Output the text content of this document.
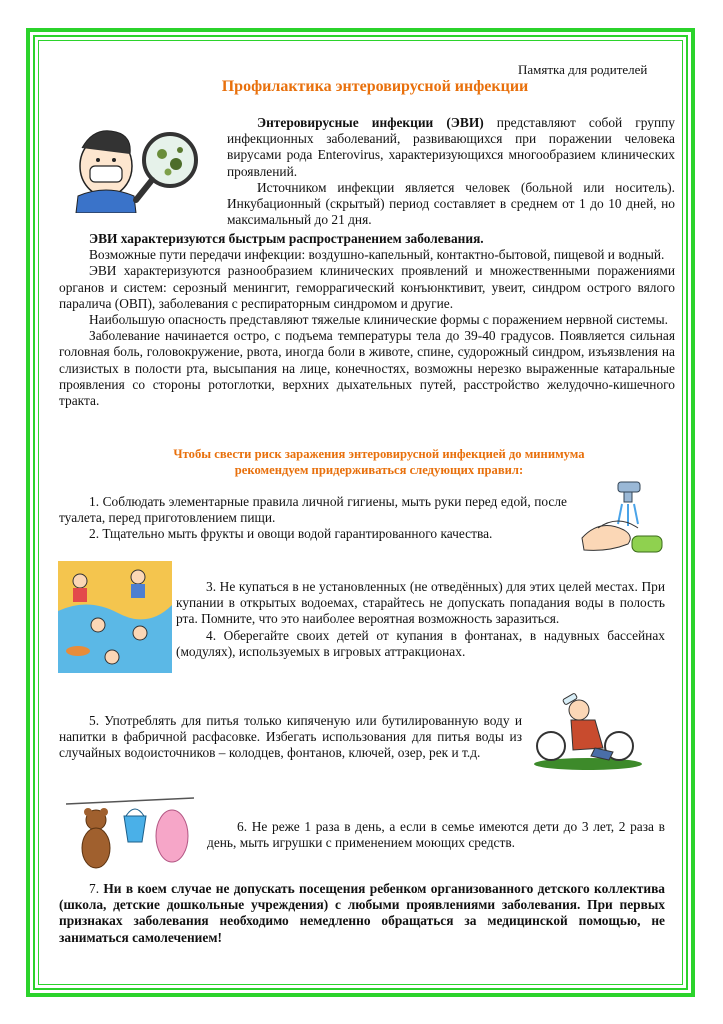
Памятка для родителей
Профилактика энтеровирусной инфекции

Энтеровирусные инфекции (ЭВИ) представляют собой группу инфекционных заболеваний, развивающихся при поражении человека вирусами рода Enterovirus, характеризующихся многообразием клинических проявлений.

Источником инфекции является человек (больной или носитель). Инкубационный (скрытый) период составляет в среднем от 1 до 10 дней, но максимальный до 21 дня.

ЭВИ характеризуются быстрым распространением заболевания.

Возможные пути передачи инфекции: воздушно-капельный, контактно-бытовой, пищевой и водный.

ЭВИ характеризуются разнообразием клинических проявлений и множественными поражениями органов и систем: серозный менингит, геморрагический конъюнктивит, увеит, синдром острого вялого паралича (ОВП), заболевания с респираторным синдромом и другие.

Наибольшую опасность представляют тяжелые клинические формы с поражением нервной системы.

Заболевание начинается остро, с подъема температуры тела до 39-40 градусов. Появляется сильная головная боль, головокружение, рвота, иногда боли в животе, спине, судорожный синдром, изъязвления на слизистых в полости рта, высыпания на лице, конечностях, возможны нерезко выраженные катаральные проявления со стороны ротоглотки, верхних дыхательных путей, расстройство желудочно-кишечного тракта.

Чтобы свести риск заражения энтеровирусной инфекцией до минимума
рекомендуем придерживаться следующих правил:

1. Соблюдать элементарные правила личной гигиены, мыть руки перед едой, после туалета, перед приготовлением пищи.

2. Тщательно мыть фрукты и овощи водой гарантированного качества.

3. Не купаться в не установленных (не отведённых) для этих целей местах. При купании в открытых водоемах, старайтесь не допускать попадания воды в полость рта. Помните, что это наиболее вероятная возможность заразиться.

4. Оберегайте своих детей от купания в фонтанах, в надувных бассейнах (модулях), используемых в игровых аттракционах.

5. Употреблять для питья только кипяченую или бутилированную воду и напитки в фабричной расфасовке. Избегать использования для питья воды из случайных водоисточников – колодцев, фонтанов, ключей, озер, рек и т.д.

6. Не реже 1 раза в день, а если в семье имеются дети до 3 лет, 2 раза в день, мыть игрушки с применением моющих средств.

7. Ни в коем случае не допускать посещения ребенком организованного детского коллектива (школа, детские дошкольные учреждения) с любыми проявлениями заболевания. При первых признаках заболевания необходимо немедленно обращаться за медицинской помощью, не заниматься самолечением!
